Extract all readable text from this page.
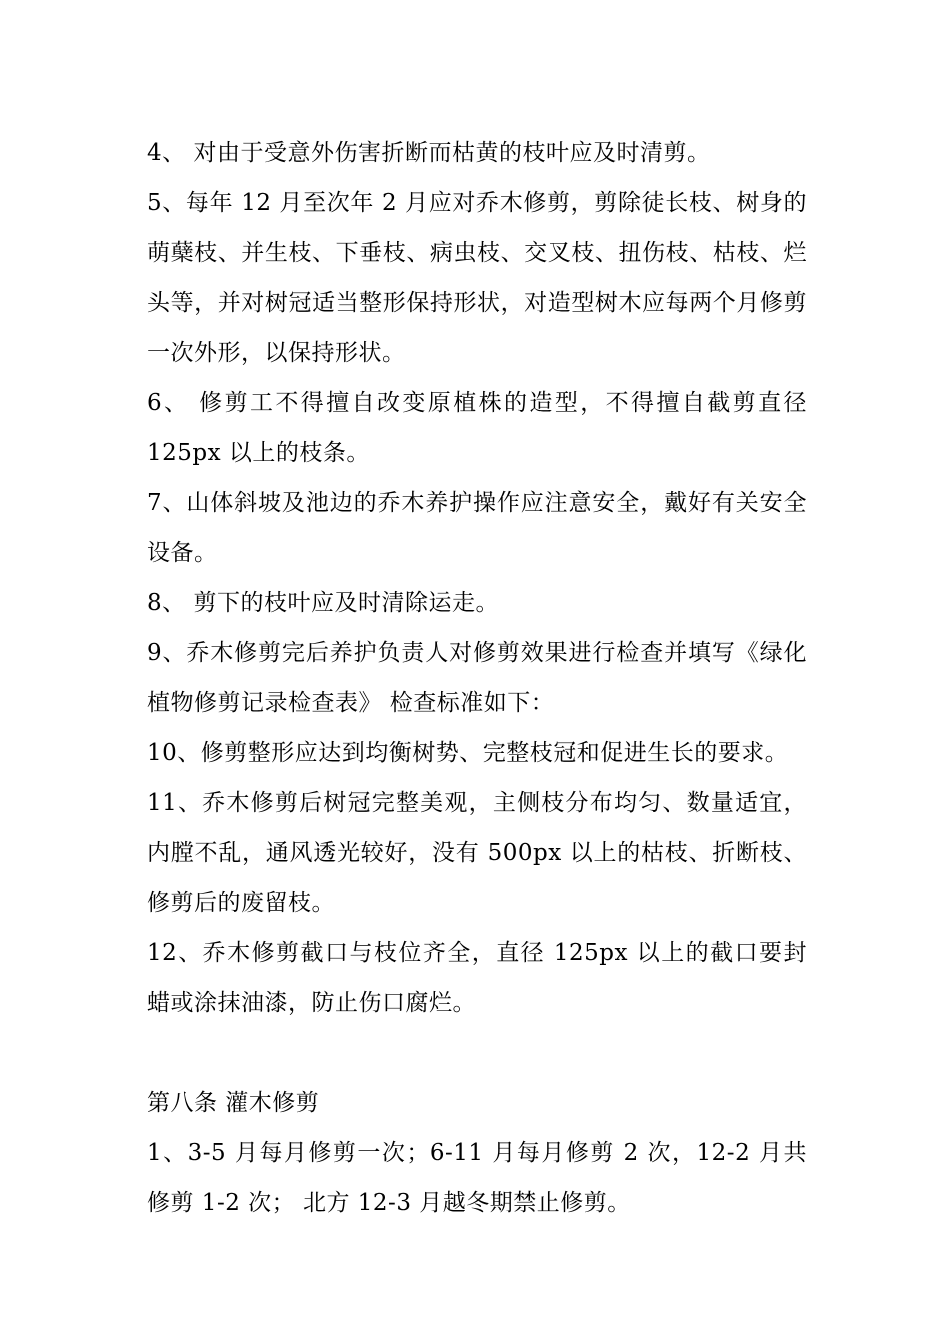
4、 对由于受意外伤害折断而枯黄的枝叶应及时清剪。

5、每年 12 月至次年 2 月应对乔木修剪，剪除徒长枝、树身的萌蘖枝、并生枝、下垂枝、病虫枝、交叉枝、扭伤枝、枯枝、烂头等，并对树冠适当整形保持形状，对造型树木应每两个月修剪一次外形，以保持形状。

6、 修剪工不得擅自改变原植株的造型，不得擅自截剪直径 125px 以上的枝条。

7、山体斜坡及池边的乔木养护操作应注意安全，戴好有关安全设备。

8、 剪下的枝叶应及时清除运走。

9、乔木修剪完后养护负责人对修剪效果进行检查并填写《绿化植物修剪记录检查表》 检查标准如下：

10、修剪整形应达到均衡树势、完整枝冠和促进生长的要求。

11、乔木修剪后树冠完整美观，主侧枝分布均匀、数量适宜，内膛不乱，通风透光较好，没有 500px 以上的枯枝、折断枝、修剪后的废留枝。

12、乔木修剪截口与枝位齐全，直径 125px 以上的截口要封蜡或涂抹油漆，防止伤口腐烂。

第八条 灌木修剪

1、3-5 月每月修剪一次；6-11 月每月修剪 2 次，12-2 月共修剪 1-2 次； 北方 12-3 月越冬期禁止修剪。
